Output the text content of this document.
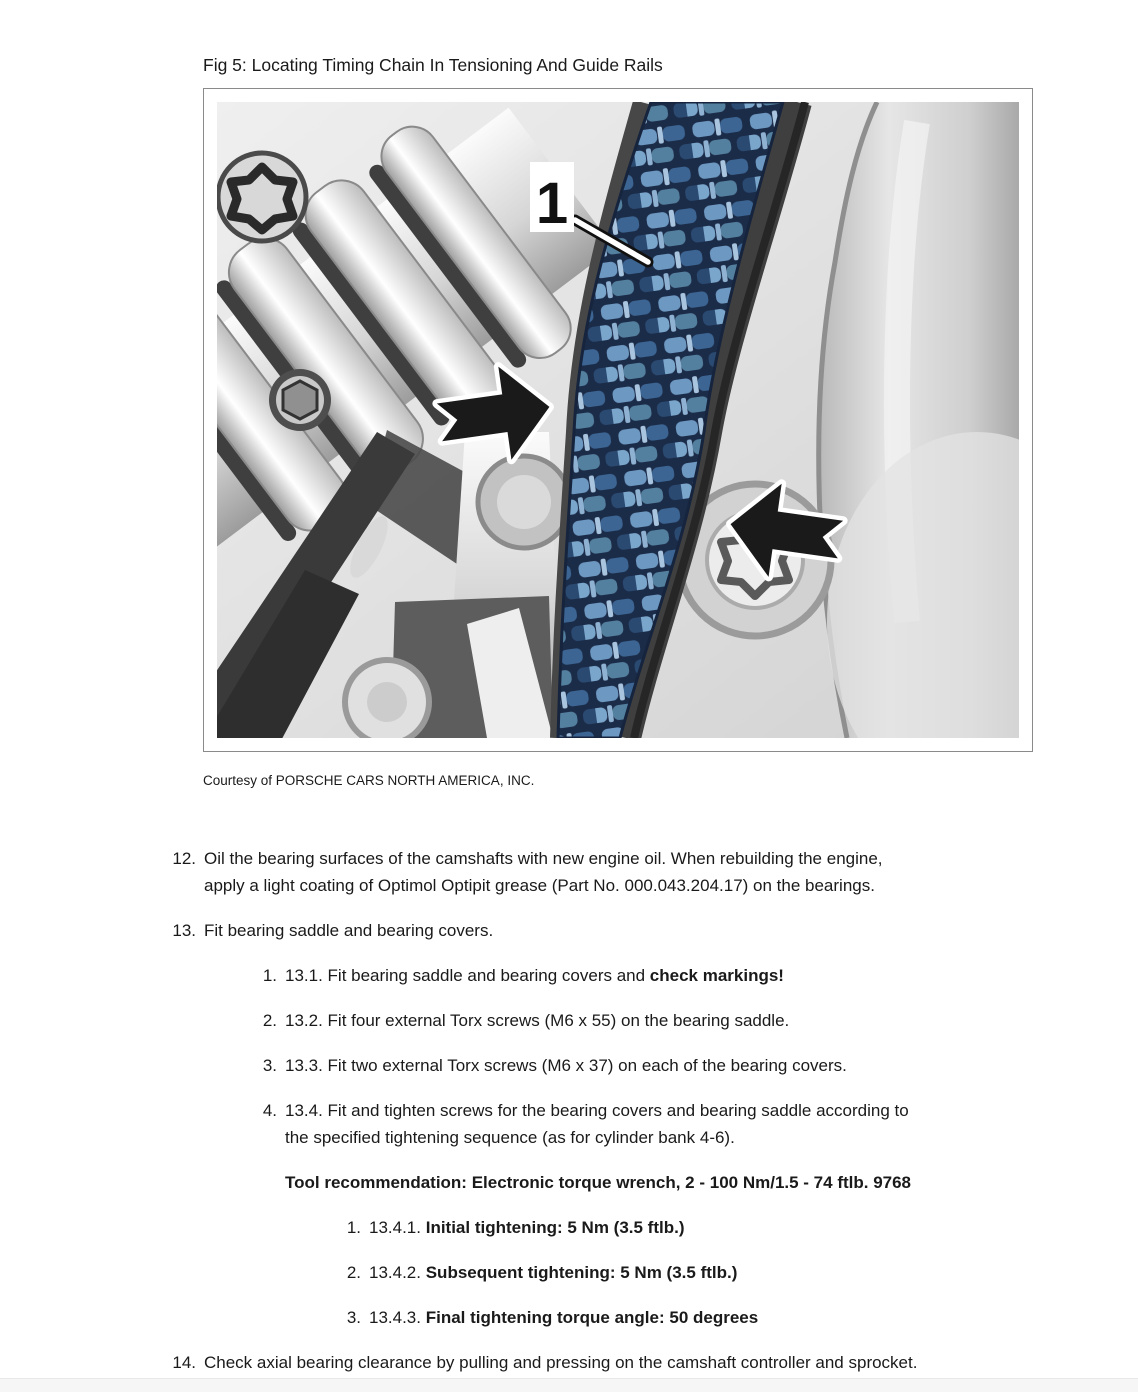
Fig 5: Locating Timing Chain In Tensioning And Guide Rails
1
Courtesy of PORSCHE CARS NORTH AMERICA, INC.
12. Oil the bearing surfaces of the camshafts with new engine oil. When rebuilding the engine,
apply a light coating of Optimol Optipit grease (Part No. 000.043.204.17) on the bearings.
13. Fit bearing saddle and bearing covers.
1. 13.1. Fit bearing saddle and bearing covers and check markings!
2. 13.2. Fit four external Torx screws (M6 x 55) on the bearing saddle.
3. 13.3. Fit two external Torx screws (M6 x 37) on each of the bearing covers.
4. 13.4. Fit and tighten screws for the bearing covers and bearing saddle according to
the specified tightening sequence (as for cylinder bank 4-6).
Tool recommendation: Electronic torque wrench, 2 - 100 Nm/1.5 - 74 ftlb. 9768
1. 13.4.1. Initial tightening: 5 Nm (3.5 ftlb.)
2. 13.4.2. Subsequent tightening: 5 Nm (3.5 ftlb.)
3. 13.4.3. Final tightening torque angle: 50 degrees
14. Check axial bearing clearance by pulling and pressing on the camshaft controller and sprocket.
